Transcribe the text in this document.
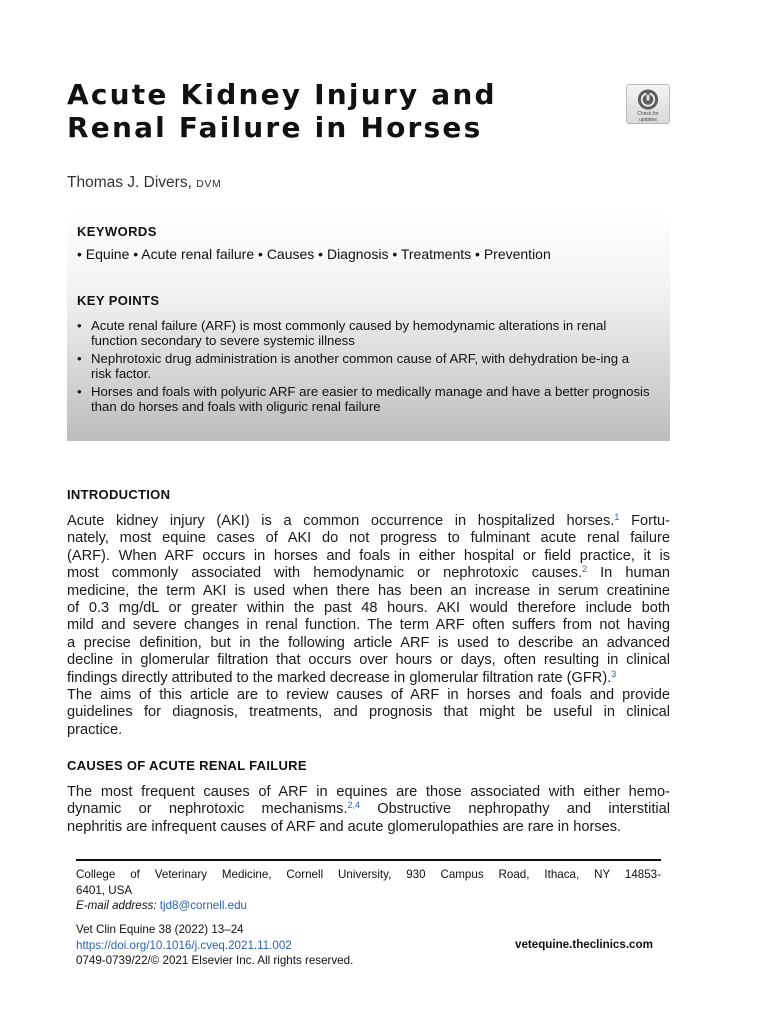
Acute Kidney Injury and
Renal Failure in Horses	Check for
updates
Thomas J. Divers, DVM
KEYWORDS
• Equine • Acute renal failure • Causes • Diagnosis • Treatments • Prevention
KEY POINTS
• Acute renal failure (ARF) is most commonly caused by hemodynamic alterations in renal function secondary to severe systemic illness
• Nephrotoxic drug administration is another common cause of ARF, with dehydration be-ing a risk factor.
• Horses and foals with polyuric ARF are easier to medically manage and have a better prognosis than do horses and foals with oliguric renal failure
INTRODUCTION
Acute kidney injury (AKI) is a common occurrence in hospitalized horses.$^1$ Fortu-
nately, most equine cases of AKI do not progress to fulminant acute renal failure
(ARF). When ARF occurs in horses and foals in either hospital or field practice, it is
most commonly associated with hemodynamic or nephrotoxic causes.$^2$ In human
medicine, the term AKI is used when there has been an increase in serum creatinine
of 0.3 mg/dL or greater within the past 48 hours. AKI would therefore include both
mild and severe changes in renal function. The term ARF often suffers from not having
a precise definition, but in the following article ARF is used to describe an advanced
decline in glomerular filtration that occurs over hours or days, often resulting in clinical
findings directly attributed to the marked decrease in glomerular filtration rate (GFR).$^3$
The aims of this article are to review causes of ARF in horses and foals and provide
guidelines for diagnosis, treatments, and prognosis that might be useful in clinical
practice.
CAUSES OF ACUTE RENAL FAILURE
The most frequent causes of ARF in equines are those associated with either hemo-
dynamic or nephrotoxic mechanisms.$^{2,4}$ Obstructive nephropathy and interstitial
nephritis are infrequent causes of ARF and acute glomerulopathies are rare in horses.
College of Veterinary Medicine, Cornell University, 930 Campus Road, Ithaca, NY 14853-
6401, USA
E-mail address: tjd8@cornell.edu
Vet Clin Equine 38 (2022) 13–24
https://doi.org/10.1016/j.cveq.2021.11.002
0749-0739/22/© 2021 Elsevier Inc. All rights reserved.
vetequine.theclinics.com
